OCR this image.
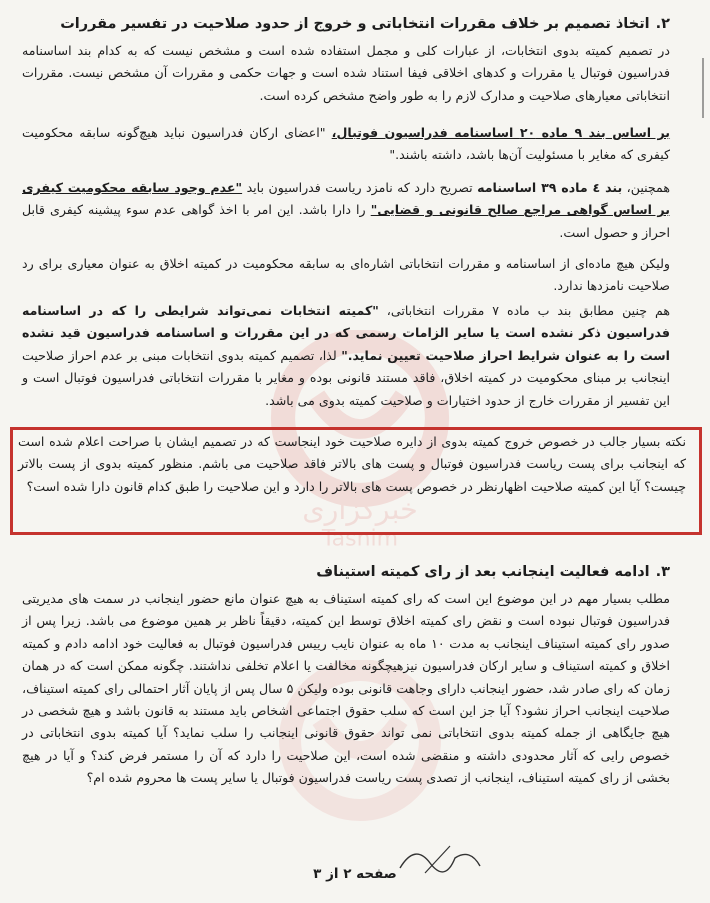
خبرگزاری
Tasnim
۲.اتخاذ تصمیم بر خلاف مقررات انتخاباتی و خروج از حدود صلاحیت در تفسیر مقررات

در تصمیم کمیته بدوی انتخابات، از عبارات کلی و مجمل استفاده شده است و مشخص نیست که به کدام بند اساسنامه فدراسیون فوتبال یا مقررات و کدهای اخلاقی فیفا استناد شده است و جهات حکمی و مقررات آن مشخص نیست. مقررات انتخاباتی معیارهای صلاحیت و مدارک لازم را به طور واضح مشخص کرده است.

بر اساس بند ۹ ماده ۲۰ اساسنامه فدراسیون فوتبال، "اعضای ارکان فدراسیون نباید هیچ‌گونه سابقه محکومیت کیفری که مغایر با مسئولیت آن‌ها باشد، داشته باشند."

همچنین، بند ٤ ماده ۳۹ اساسنامه تصریح دارد که نامزد ریاست فدراسیون باید "عدم وجود سابقه محکومیت کیفری بر اساس گواهی مراجع صالح قانونی و قضایی" را دارا باشد. این امر با اخذ گواهی عدم سوء پیشینه کیفری قابل احراز و حصول است.

ولیکن هیچ ماده‌ای از اساسنامه و مقررات انتخاباتی اشاره‌ای به سابقه محکومیت در کمیته اخلاق به عنوان معیاری برای رد صلاحیت نامزدها ندارد.

هم چنین مطابق بند ب ماده ۷ مقررات انتخاباتی، "کمیته انتخابات نمی‌تواند شرایطی را که در اساسنامه فدراسیون ذکر نشده است یا سایر الزامات رسمی که در این مقررات و اساسنامه فدراسیون قید نشده است را به عنوان شرایط احراز صلاحیت تعیین نماید." لذا، تصمیم کمیته بدوی انتخابات مبنی بر عدم احراز صلاحیت اینجانب بر مبنای محکومیت در کمیته اخلاق، فاقد مستند قانونی بوده و مغایر با مقررات انتخاباتی فدراسیون فوتبال است و این تفسیر از مقررات خارج از حدود اختیارات و صلاحیت کمیته بدوی می باشد.

نکته بسیار جالب در خصوص خروج کمیته بدوی از دایره صلاحیت خود اینجاست که در تصمیم ایشان با صراحت اعلام شده است که اینجانب برای پست ریاست فدراسیون فوتبال و پست های بالاتر فاقد صلاحیت می باشم. منظور کمیته بدوی از پست بالاتر چیست؟ آیا این کمیته صلاحیت اظهارنظر در خصوص پست های بالاتر را دارد و این صلاحیت را طبق کدام قانون دارا شده است؟

۳.ادامه فعالیت اینجانب بعد از رای کمیته استیناف

مطلب بسیار مهم در این موضوع این است که رای کمیته استیناف به هیچ عنوان مانع حضور اینجانب در سمت های مدیریتی فدراسیون فوتبال نبوده است و نقض رای کمیته اخلاق توسط این کمیته، دقیقاً ناظر بر همین موضوع می باشد. زیرا پس از صدور رای کمیته استیناف اینجانب به مدت ۱۰ ماه به عنوان نایب رییس فدراسیون فوتبال به فعالیت خود ادامه دادم و کمیته اخلاق و کمیته استیناف و سایر ارکان فدراسیون نیزهیچگونه مخالفت یا اعلام تخلفی نداشتند. چگونه ممکن است که در همان زمان که رای صادر شد، حضور اینجانب دارای وجاهت قانونی بوده ولیکن ۵ سال پس از پایان آثار احتمالی رای کمیته استیناف، صلاحیت اینجانب احراز نشود؟ آیا جز این است که سلب حقوق اجتماعی اشخاص باید مستند به قانون باشد و هیچ شخصی در هیچ جایگاهی از جمله کمیته بدوی انتخاباتی نمی تواند حقوق قانونی اینجانب را سلب نماید؟ آیا کمیته بدوی انتخاباتی در خصوص رایی که آثار محدودی داشته و منقضی شده است، این صلاحیت را دارد که آن را مستمر فرض کند؟ و آیا در هیچ بخشی از رای کمیته استیناف، اینجانب از تصدی پست ریاست فدراسیون فوتبال یا سایر پست ها محروم شده ام؟

صفحه ۲ از ۳
